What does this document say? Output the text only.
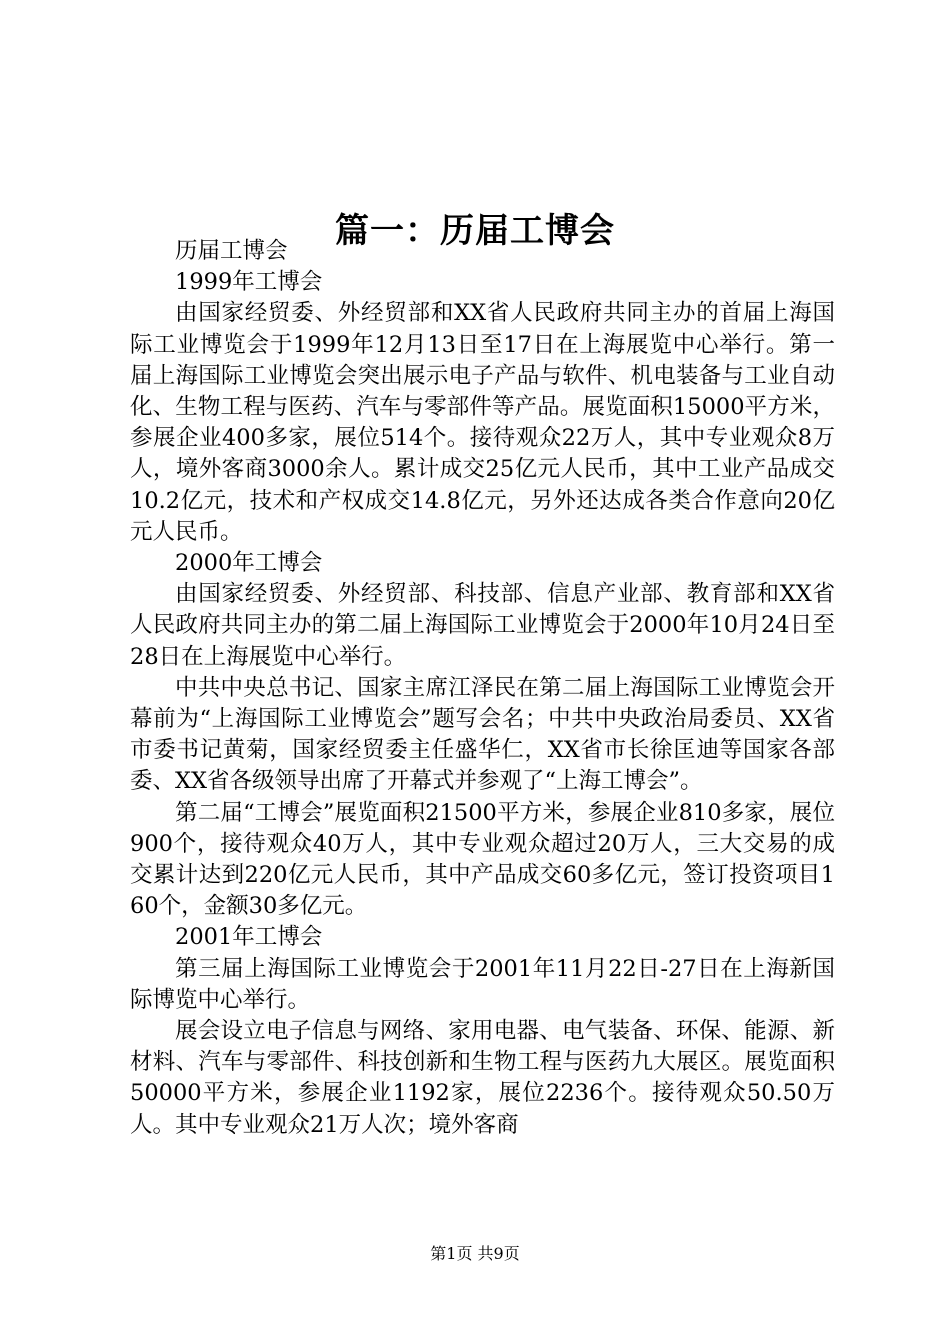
篇一：历届工博会

历届工博会

1999年工博会

由国家经贸委、外经贸部和XX省人民政府共同主办的首届上海国际工业博览会于1999年12月13日至17日在上海展览中心举行。第一届上海国际工业博览会突出展示电子产品与软件、机电装备与工业自动化、生物工程与医药、汽车与零部件等产品。展览面积15000平方米，参展企业400多家，展位514个。接待观众22万人，其中专业观众8万人，境外客商3000余人。累计成交25亿元人民币，其中工业产品成交10.2亿元，技术和产权成交14.8亿元，另外还达成各类合作意向20亿元人民币。

2000年工博会

由国家经贸委、外经贸部、科技部、信息产业部、教育部和XX省人民政府共同主办的第二届上海国际工业博览会于2000年10月24日至28日在上海展览中心举行。

中共中央总书记、国家主席江泽民在第二届上海国际工业博览会开幕前为“上海国际工业博览会”题写会名；中共中央政治局委员、XX省市委书记黄菊，国家经贸委主任盛华仁，XX省市长徐匡迪等国家各部委、XX省各级领导出席了开幕式并参观了“上海工博会”。

第二届“工博会”展览面积21500平方米，参展企业810多家，展位900个，接待观众40万人，其中专业观众超过20万人，三大交易的成交累计达到220亿元人民币，其中产品成交60多亿元，签订投资项目160个，金额30多亿元。

2001年工博会

第三届上海国际工业博览会于2001年11月22日-27日在上海新国际博览中心举行。

展会设立电子信息与网络、家用电器、电气装备、环保、能源、新材料、汽车与零部件、科技创新和生物工程与医药九大展区。展览面积50000平方米，参展企业1192家，展位2236个。接待观众50.50万人。其中专业观众21万人次；境外客商

第1页 共9页
